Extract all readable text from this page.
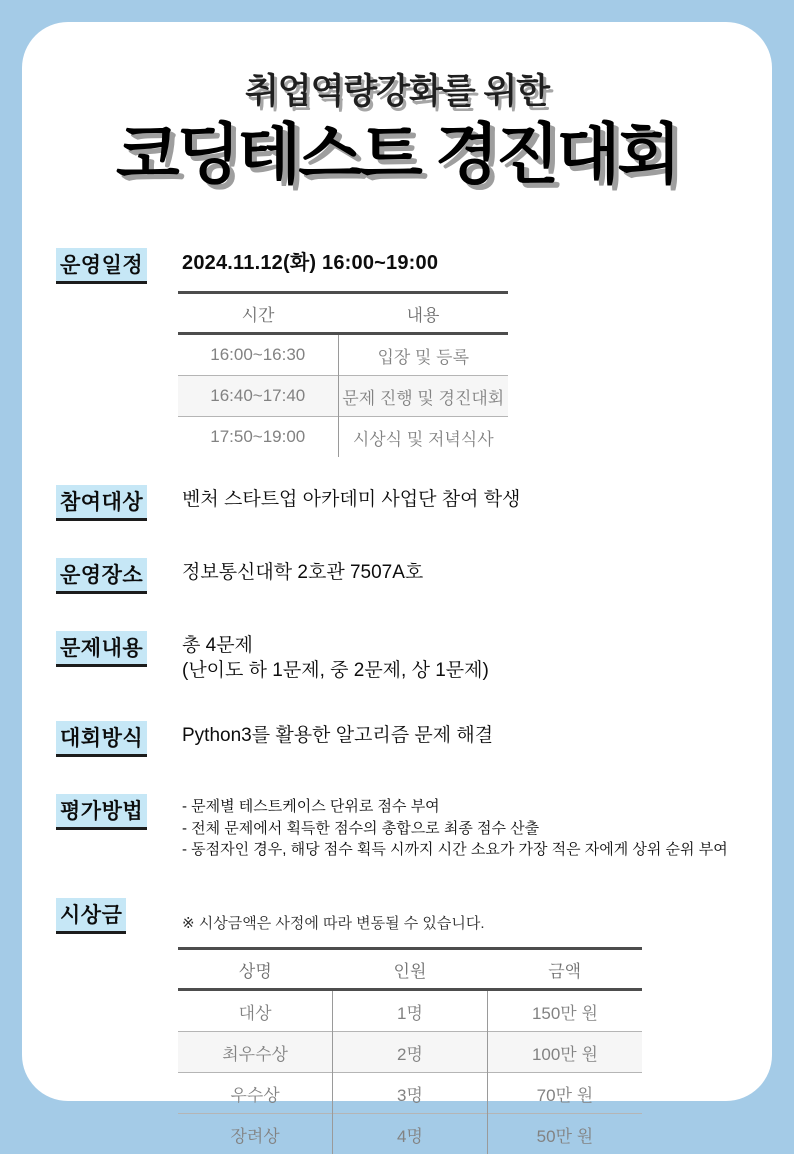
취업역량강화를 위한
코딩테스트 경진대회
운영일정	2024.11.12(화) 16:00~19:00
시간	내용
16:00~16:30	입장 및 등록
16:40~17:40	문제 진행 및 경진대회
17:50~19:00	시상식 및 저녁식사
참여대상	벤처 스타트업 아카데미 사업단 참여 학생
운영장소	정보통신대학 2호관 7507A호
문제내용	총 4문제
(난이도 하 1문제, 중 2문제, 상 1문제)
대회방식	Python3를 활용한 알고리즘 문제 해결
평가방법	- 문제별 테스트케이스 단위로 점수 부여
- 전체 문제에서 획득한 점수의 총합으로 최종 점수 산출
- 동점자인 경우, 해당 점수 획득 시까지 시간 소요가 가장 적은 자에게 상위 순위 부여
시상금	※ 시상금액은 사정에 따라 변동될 수 있습니다.
상명	인원	금액
대상	1명	150만 원
최우수상	2명	100만 원
우수상	3명	70만 원
장려상	4명	50만 원
